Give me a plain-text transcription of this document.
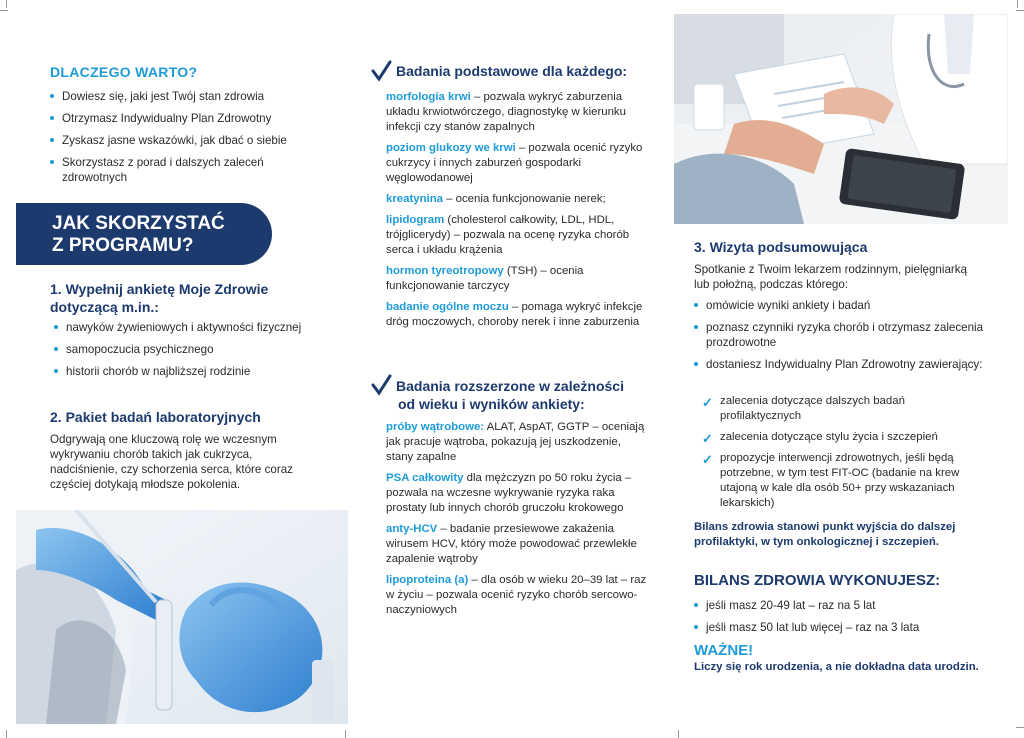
DLACZEGO WARTO?
Dowiesz się, jaki jest Twój stan zdrowia
Otrzymasz Indywidualny Plan Zdrowotny
Zyskasz jasne wskazówki, jak dbać o siebie
Skorzystasz z porad i dalszych zaleceń zdrowotnych
JAK SKORZYSTAĆ
Z PROGRAMU?
1. Wypełnij ankietę Moje Zdrowie dotyczącą m.in.:
nawyków żywieniowych i aktywności fizycznej
samopoczucia psychicznego
historii chorób w najbliższej rodzinie
2. Pakiet badań laboratoryjnych
Odgrywają one kluczową rolę we wczesnym wykrywaniu chorób takich jak cukrzyca, nadciśnienie, czy schorzenia serca, które coraz częściej dotykają młodsze pokolenia.
Badania podstawowe dla każdego:
morfologia krwi – pozwala wykryć zaburzenia układu krwiotwórczego, diagnostykę w kierunku infekcji czy stanów zapalnych
poziom glukozy we krwi – pozwala ocenić ryzyko cukrzycy i innych zaburzeń gospodarki węglowodanowej
kreatynina – ocenia funkcjonowanie nerek;
lipidogram (cholesterol całkowity, LDL, HDL, trójglicerydy) – pozwala na ocenę ryzyka chorób serca i układu krążenia
hormon tyreotropowy (TSH) – ocenia funkcjonowanie tarczycy
badanie ogólne moczu – pomaga wykryć infekcje dróg moczowych, choroby nerek i inne zaburzenia
Badania rozszerzone w zależności
od wieku i wyników ankiety:
próby wątrobowe: ALAT, AspAT, GGTP – oceniają jak pracuje wątroba, pokazują jej uszkodzenie, stany zapalne
PSA całkowity dla mężczyzn po 50 roku życia – pozwala na wczesne wykrywanie ryzyka raka prostaty lub innych chorób gruczołu krokowego
anty-HCV – badanie przesiewowe zakażenia wirusem HCV, który może powodować przewlekłe zapalenie wątroby
lipoproteina (a) – dla osób w wieku 20–39 lat – raz w życiu – pozwala ocenić ryzyko chorób sercowo-naczyniowych
3. Wizyta podsumowująca
Spotkanie z Twoim lekarzem rodzinnym, pielęgniarką lub położną, podczas którego:
omówicie wyniki ankiety i badań
poznasz czynniki ryzyka chorób i otrzymasz zalecenia prozdrowotne
dostaniesz Indywidualny Plan Zdrowotny zawierający:
✓ zalecenia dotyczące dalszych badań profilaktycznych
✓ zalecenia dotyczące stylu życia i szczepień
✓ propozycje interwencji zdrowotnych, jeśli będą potrzebne, w tym test FIT-OC (badanie na krew utajoną w kale dla osób 50+ przy wskazaniach lekarskich)
Bilans zdrowia stanowi punkt wyjścia do dalszej profilaktyki, w tym onkologicznej i szczepień.
BILANS ZDROWIA WYKONUJESZ:
jeśli masz 20-49 lat – raz na 5 lat
jeśli masz 50 lat lub więcej – raz na 3 lata
WAŻNE!
Liczy się rok urodzenia, a nie dokładna data urodzin.
